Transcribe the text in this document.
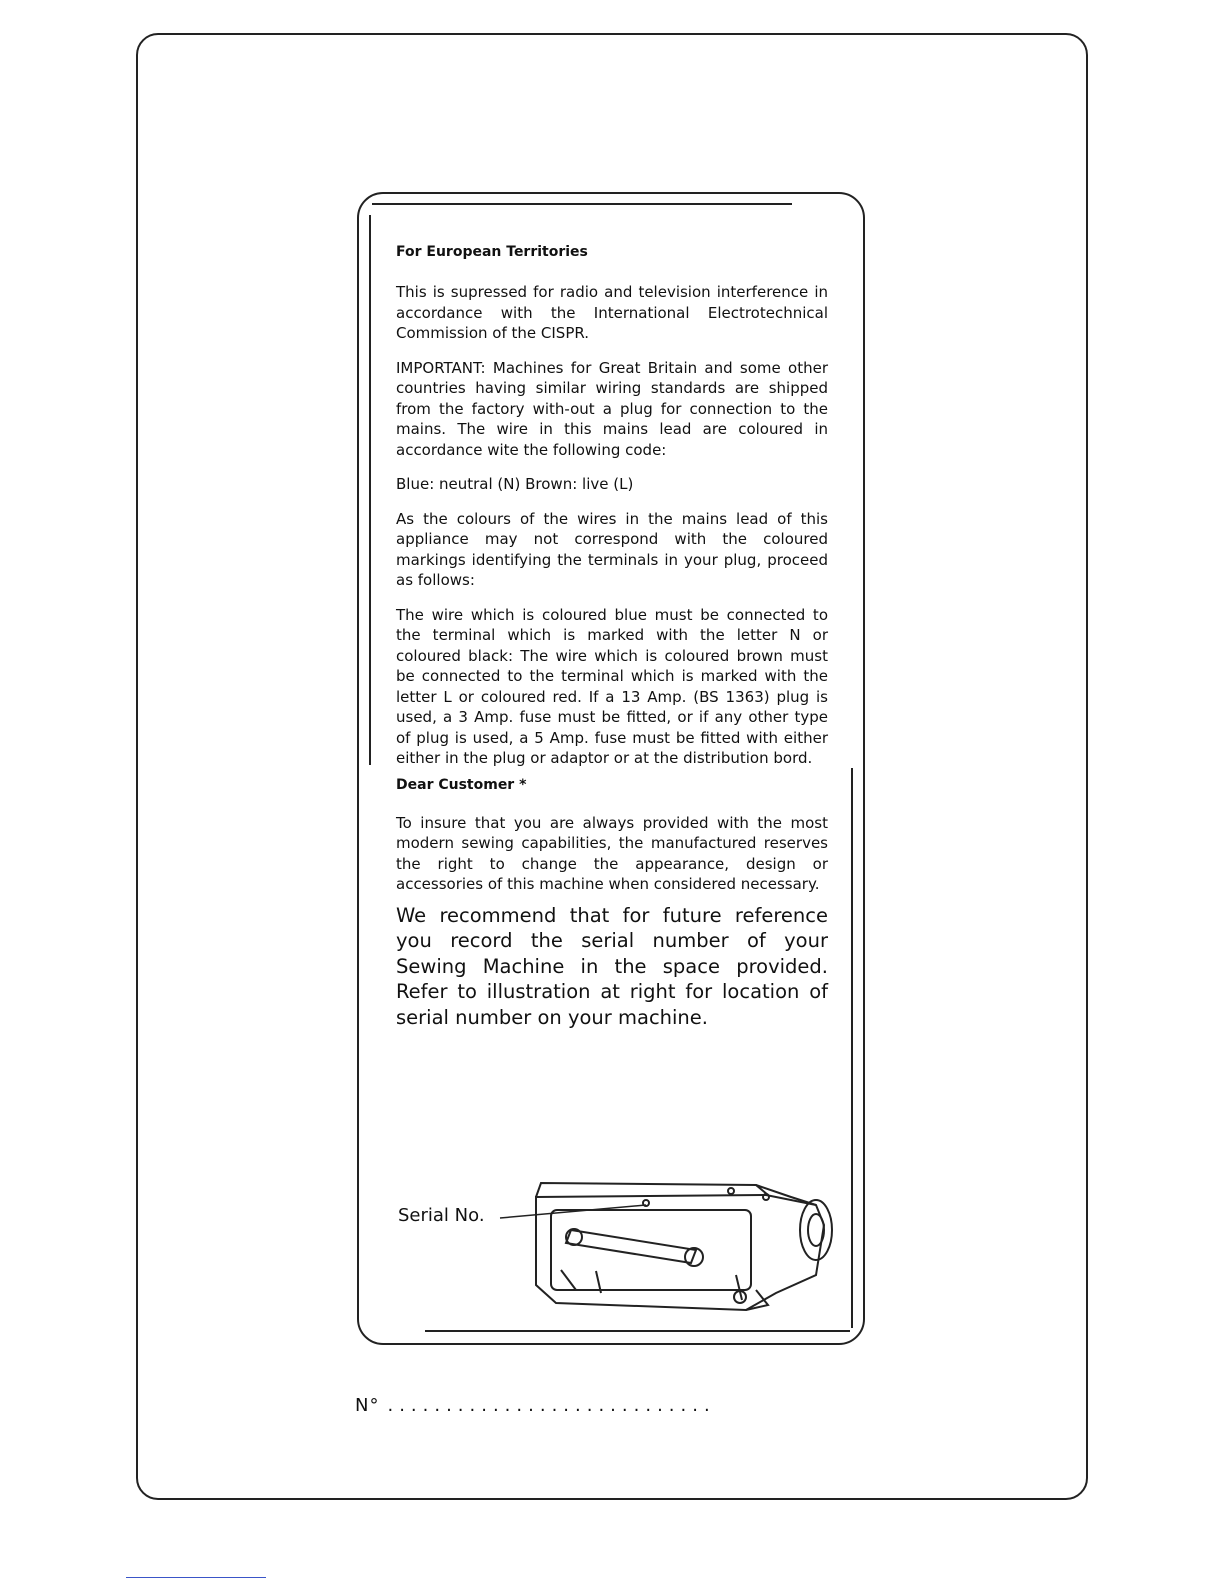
For European Territories

This is supressed for radio and television interference in accordance with the International Electrotechnical Commission of the CISPR.

IMPORTANT: Machines for Great Britain and some other countries having similar wiring standards are shipped from the factory with-out a plug for connection to the mains. The wire in this mains lead are coloured in accordance wite the following code:

Blue: neutral (N) Brown: live (L)

As the colours of the wires in the mains lead of this appliance may not correspond with the coloured markings identifying the terminals in your plug, proceed as follows:

The wire which is coloured blue must be connected to the terminal which is marked with the letter N or coloured black: The wire which is coloured brown must be connected to the terminal which is marked with the letter L or coloured red. If a 13 Amp. (BS 1363) plug is used, a 3 Amp. fuse must be fitted, or if any other type of plug is used, a 5 Amp. fuse must be fitted with either either in the plug or adaptor or at the distribution bord.

Dear Customer *

To insure that you are always provided with the most modern sewing capabilities, the manufactured reserves the right to change the appearance, design or accessories of this machine when considered necessary.

We recommend that for future reference you record the serial number of your Sewing Machine in the space provided. Refer to illustration at right for location of serial number on your machine.

Serial No.
N° ............................
